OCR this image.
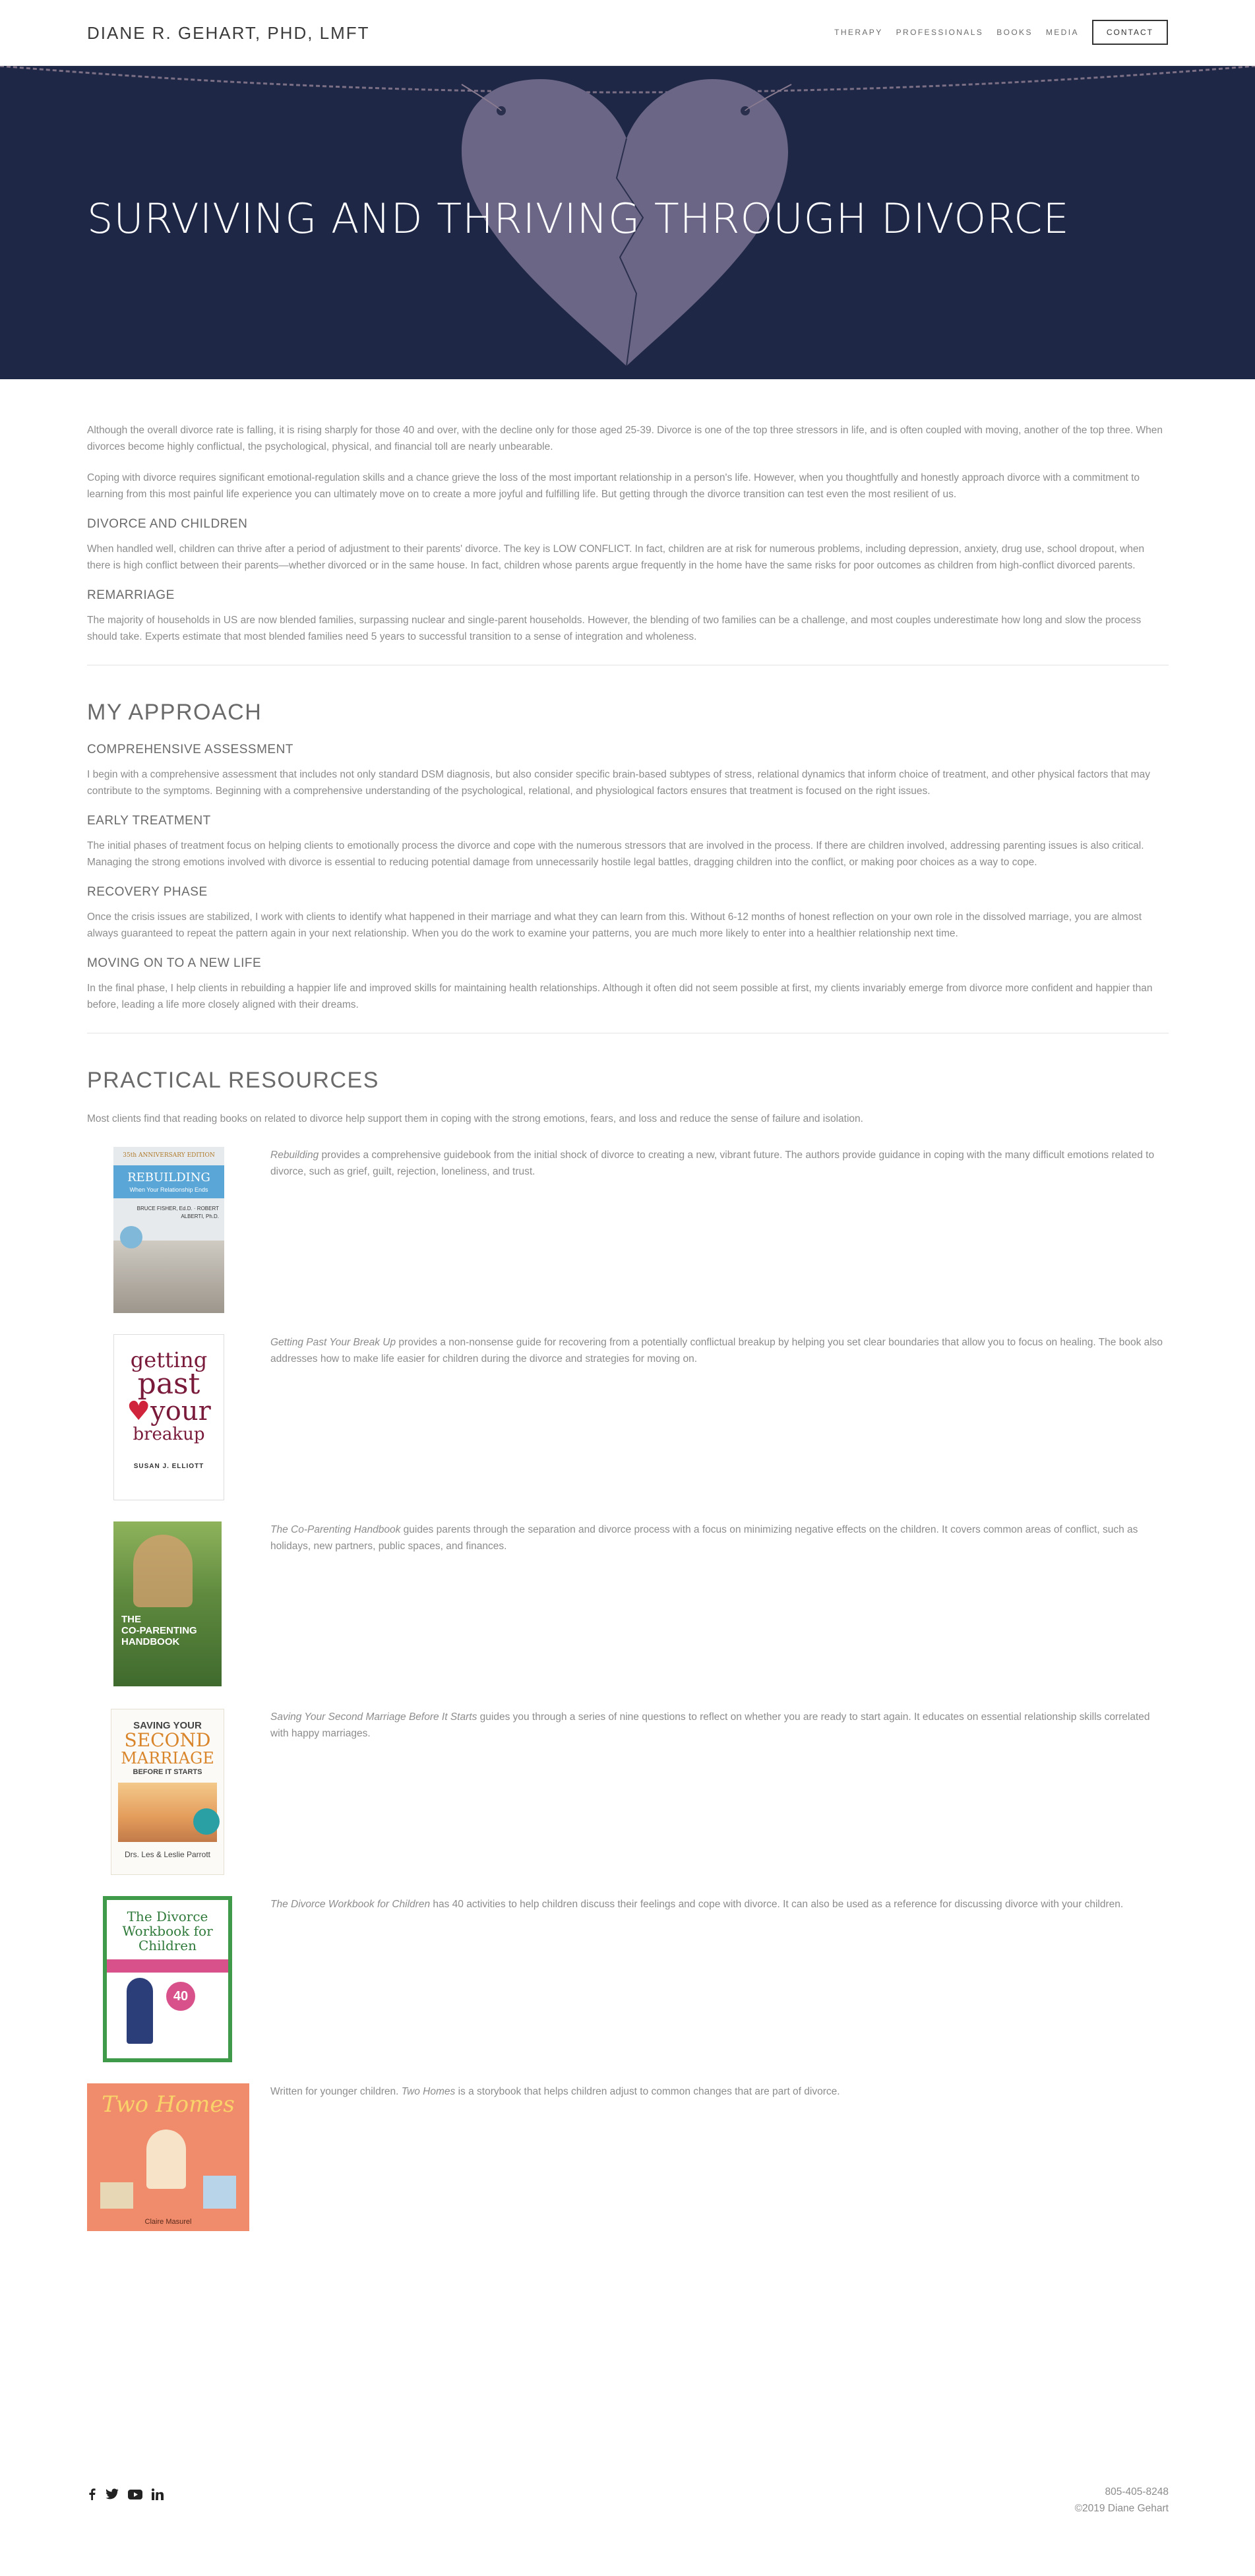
DIANE R. GEHART, PHD, LMFT	THERAPY PROFESSIONALS BOOKS MEDIA	CONTACT
SURVIVING AND THRIVING THROUGH DIVORCE

Although the overall divorce rate is falling, it is rising sharply for those 40 and over, with the decline only for those aged 25-39. Divorce is one of the top three stressors in life, and is often coupled with moving, another of the top three. When divorces become highly conflictual, the psychological, physical, and financial toll are nearly unbearable.

Coping with divorce requires significant emotional-regulation skills and a chance grieve the loss of the most important relationship in a person's life. However, when you thoughtfully and honestly approach divorce with a commitment to learning from this most painful life experience you can ultimately move on to create a more joyful and fulfilling life. But getting through the divorce transition can test even the most resilient of us.

DIVORCE AND CHILDREN

When handled well, children can thrive after a period of adjustment to their parents' divorce. The key is LOW CONFLICT. In fact, children are at risk for numerous problems, including depression, anxiety, drug use, school dropout, when there is high conflict between their parents—whether divorced or in the same house. In fact, children whose parents argue frequently in the home have the same risks for poor outcomes as children from high-conflict divorced parents.

REMARRIAGE

The majority of households in US are now blended families, surpassing nuclear and single-parent households. However, the blending of two families can be a challenge, and most couples underestimate how long and slow the process should take. Experts estimate that most blended families need 5 years to successful transition to a sense of integration and wholeness.

MY APPROACH
COMPREHENSIVE ASSESSMENT

I begin with a comprehensive assessment that includes not only standard DSM diagnosis, but also consider specific brain-based subtypes of stress, relational dynamics that inform choice of treatment, and other physical factors that may contribute to the symptoms. Beginning with a comprehensive understanding of the psychological, relational, and physiological factors ensures that treatment is focused on the right issues.

EARLY TREATMENT

The initial phases of treatment focus on helping clients to emotionally process the divorce and cope with the numerous stressors that are involved in the process. If there are children involved, addressing parenting issues is also critical. Managing the strong emotions involved with divorce is essential to reducing potential damage from unnecessarily hostile legal battles, dragging children into the conflict, or making poor choices as a way to cope.

RECOVERY PHASE

Once the crisis issues are stabilized, I work with clients to identify what happened in their marriage and what they can learn from this. Without 6-12 months of honest reflection on your own role in the dissolved marriage, you are almost always guaranteed to repeat the pattern again in your next relationship. When you do the work to examine your patterns, you are much more likely to enter into a healthier relationship next time.

MOVING ON TO A NEW LIFE

In the final phase, I help clients in rebuilding a happier life and improved skills for maintaining health relationships. Although it often did not seem possible at first, my clients invariably emerge from divorce more confident and happier than before, leading a life more closely aligned with their dreams.

PRACTICAL RESOURCES

Most clients find that reading books on related to divorce help support them in coping with the strong emotions, fears, and loss and reduce the sense of failure and isolation.

35th ANNIVERSARY EDITION
REBUILDING
When Your Relationship Ends
BRUCE FISHER, Ed.D. · ROBERT ALBERTI, Ph.D.

Rebuilding provides a comprehensive guidebook from the initial shock of divorce to creating a new, vibrant future. The authors provide guidance in coping with the many difficult emotions related to divorce, such as grief, guilt, rejection, loneliness, and trust.

getting
past
♥your
breakup
SUSAN J. ELLIOTT

Getting Past Your Break Up provides a non-nonsense guide for recovering from a potentially conflictual breakup by helping you set clear boundaries that allow you to focus on healing. The book also addresses how to make life easier for children during the divorce and strategies for moving on.

THE
CO-PARENTING
HANDBOOK

The Co-Parenting Handbook guides parents through the separation and divorce process with a focus on minimizing negative effects on the children. It covers common areas of conflict, such as holidays, new partners, public spaces, and finances.

SAVING YOUR
SECOND
MARRIAGE
BEFORE IT STARTS
Drs. Les & Leslie Parrott

Saving Your Second Marriage Before It Starts guides you through a series of nine questions to reflect on whether you are ready to start again. It educates on essential relationship skills correlated with happy marriages.

The Divorce
Workbook for
Children
40

The Divorce Workbook for Children has 40 activities to help children discuss their feelings and cope with divorce. It can also be used as a reference for discussing divorce with your children.

Two Homes
Claire Masurel

Written for younger children. Two Homes is a storybook that helps children adjust to common changes that are part of divorce.

805-405-8248
©2019 Diane Gehart
